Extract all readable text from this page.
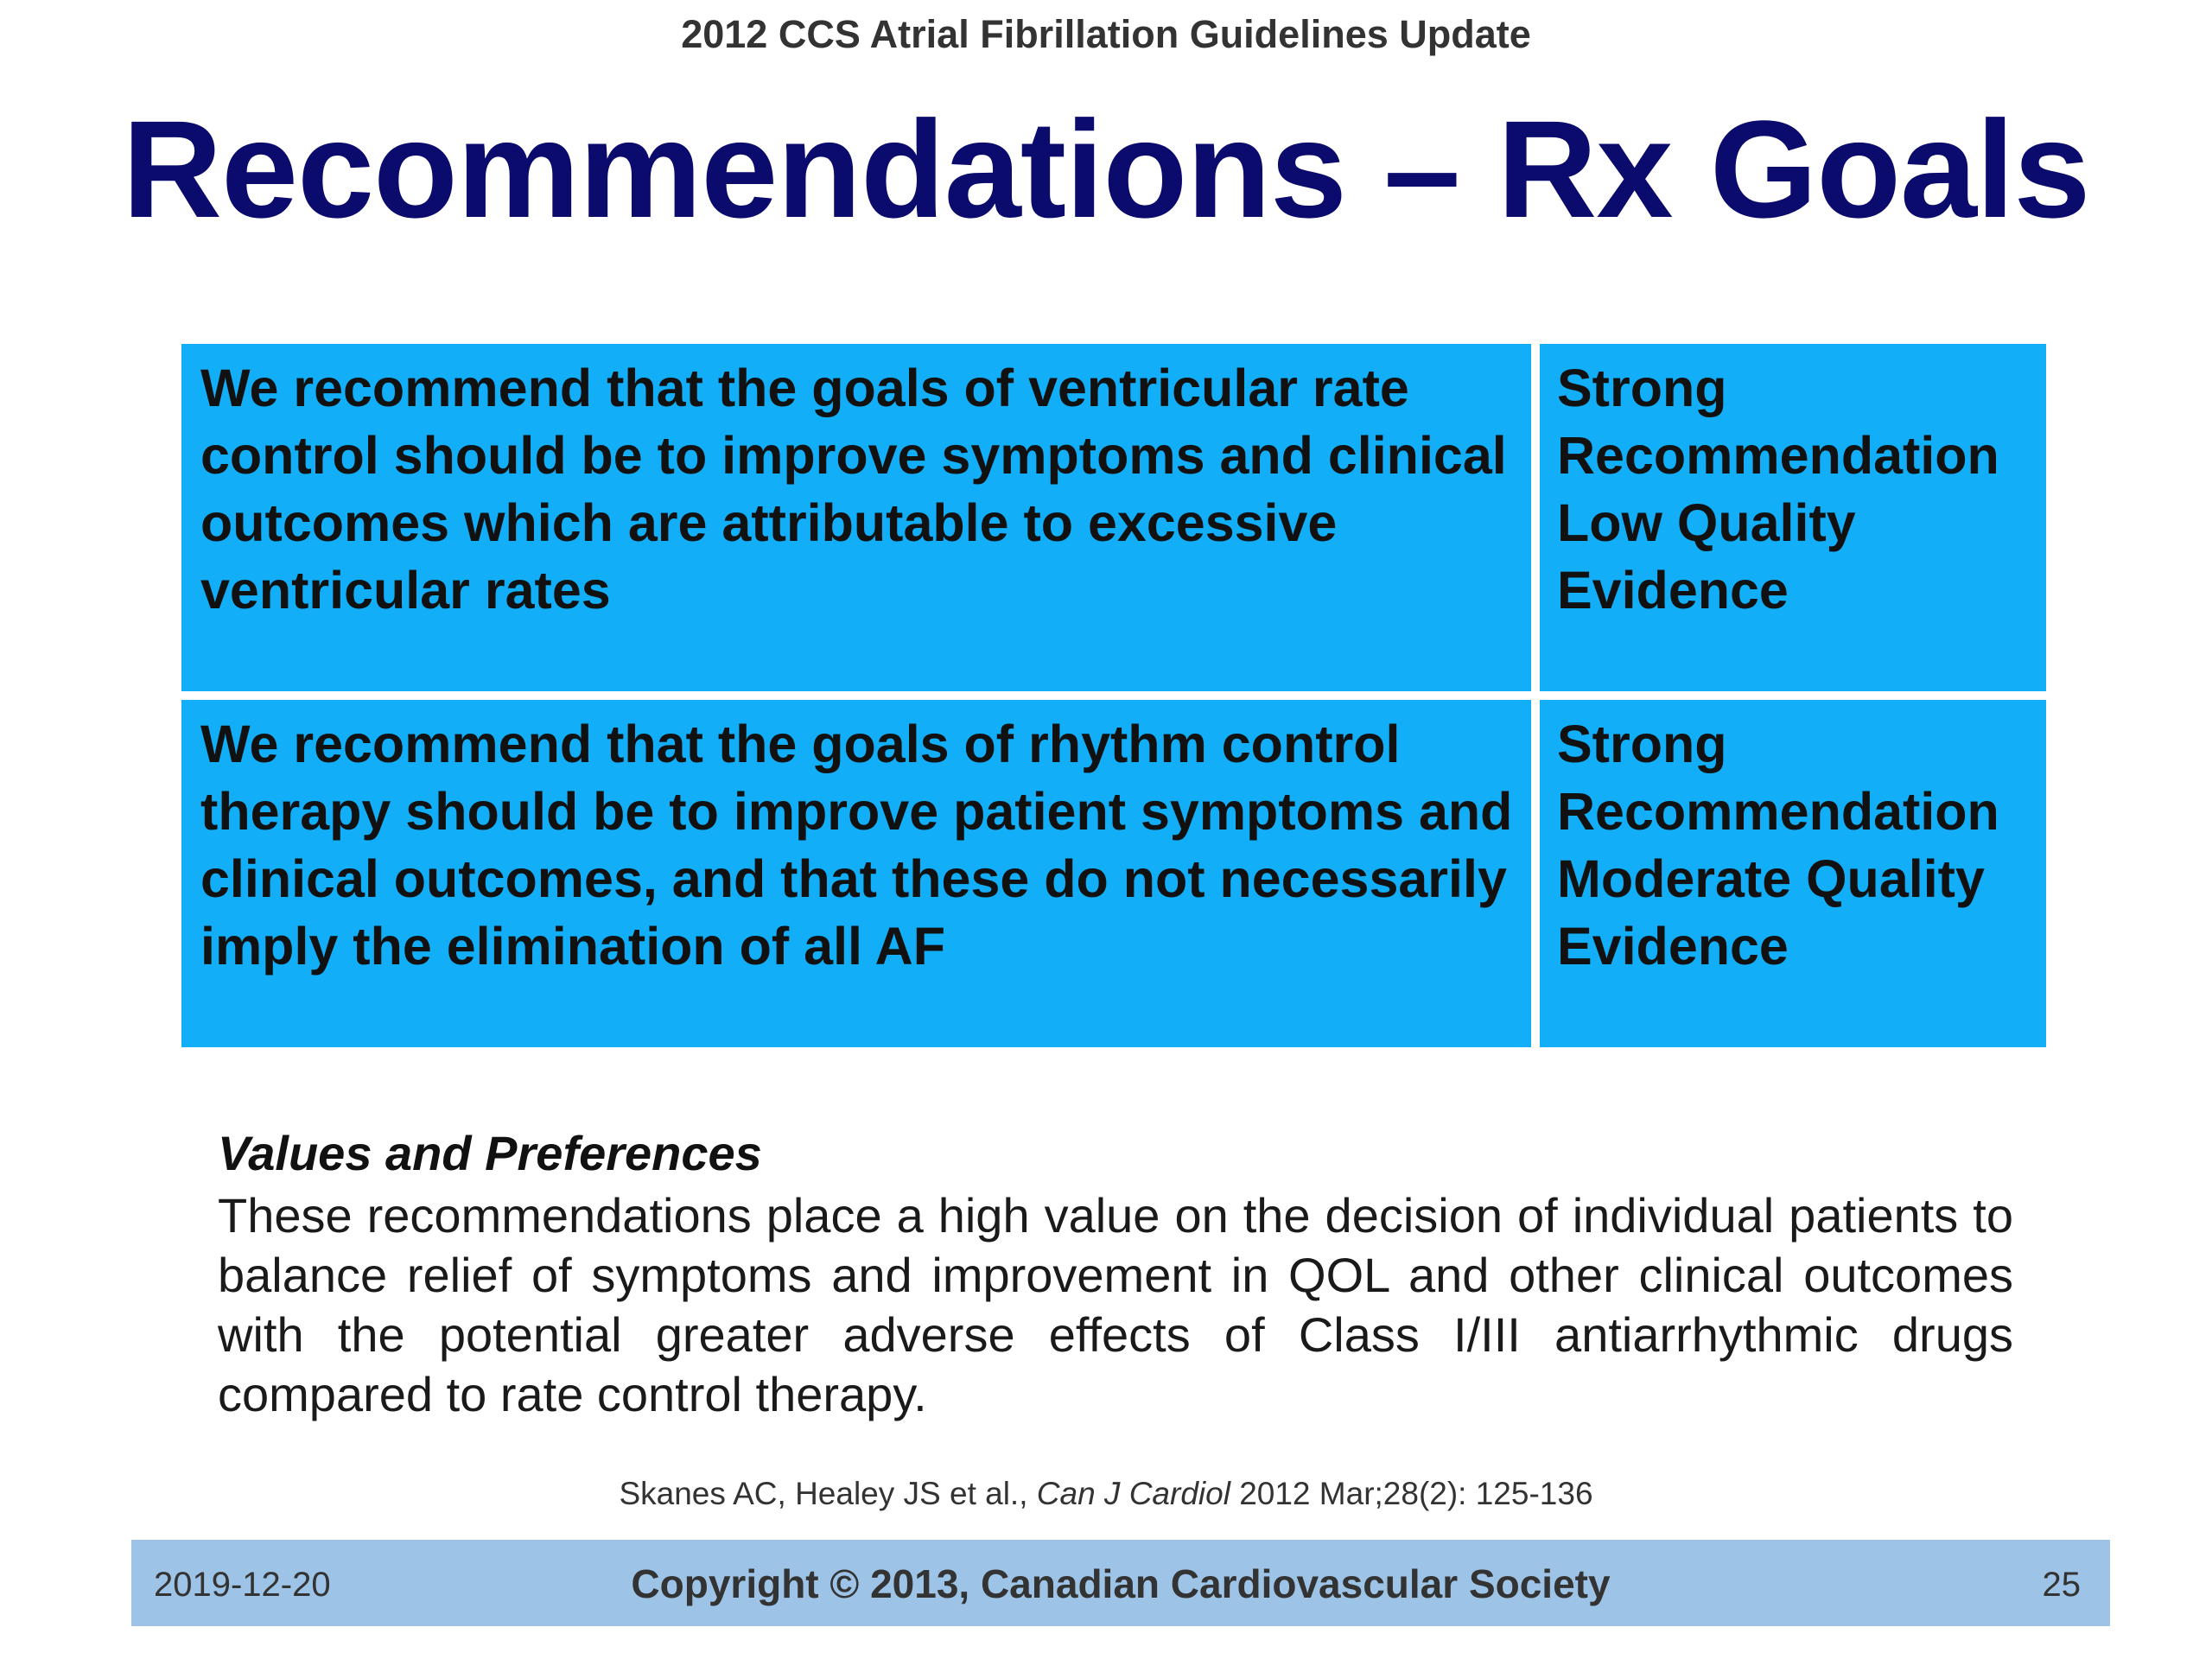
2012 CCS Atrial Fibrillation Guidelines Update
Recommendations – Rx Goals
We recommend that the goals of ventricular rate control should be to improve symptoms and clinical outcomes which are attributable to excessive ventricular rates
Strong
Recommendation
Low Quality
Evidence
We recommend that the goals of rhythm control therapy should be to improve patient symptoms and clinical outcomes, and that these do not necessarily imply the elimination of all AF
Strong
Recommendation
Moderate Quality
Evidence
Values and Preferences
These recommendations place a high value on the decision of individual patients to balance relief of symptoms and improvement in QOL and other clinical outcomes with the potential greater adverse effects of Class I/III antiarrhythmic drugs compared to rate control therapy.
Skanes AC, Healey JS et al., Can J Cardiol 2012 Mar;28(2): 125-136
2019-12-20	Copyright © 2013, Canadian Cardiovascular Society	25
